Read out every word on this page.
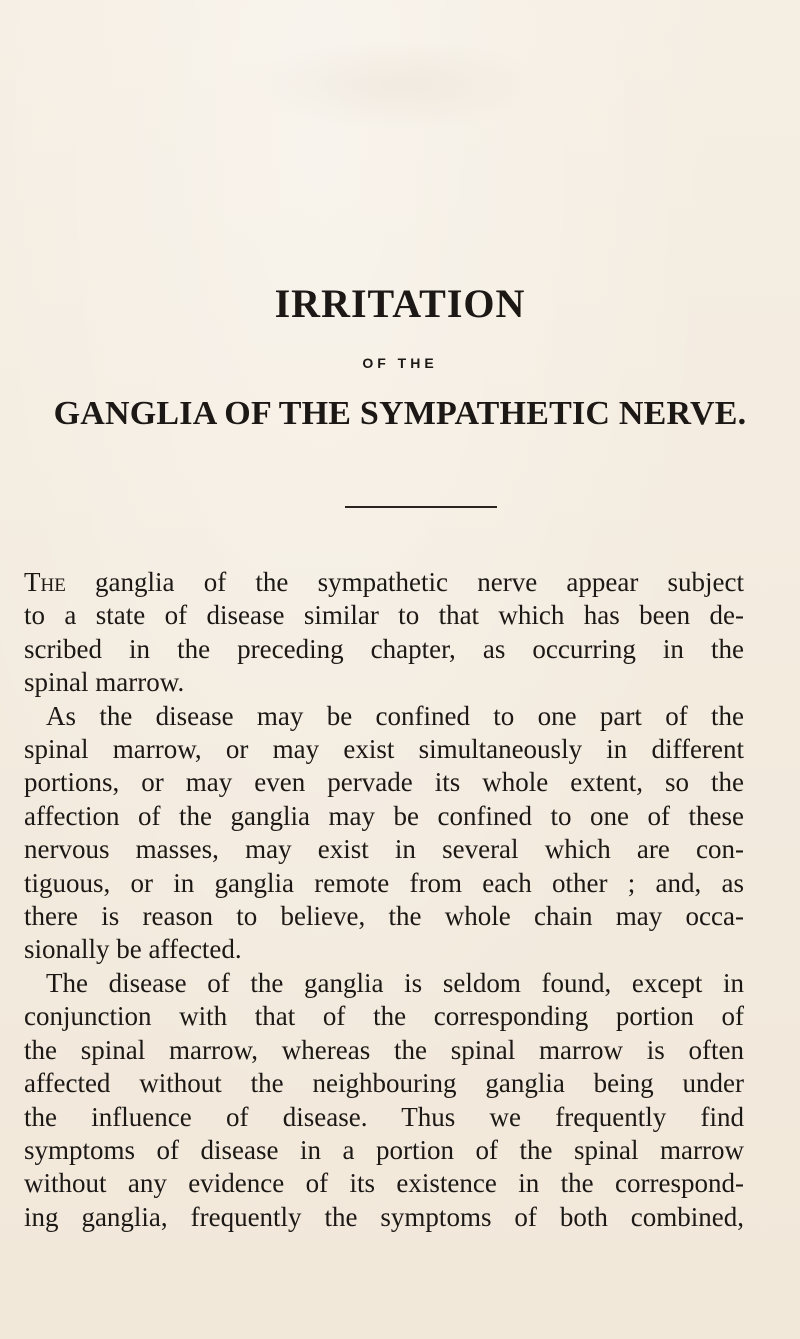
IRRITATION
OF THE
GANGLIA OF THE SYMPATHETIC NERVE.
The ganglia of the sympathetic nerve appear subject
to a state of disease similar to that which has been de-
scribed in the preceding chapter, as occurring in the
spinal marrow.
As the disease may be confined to one part of the
spinal marrow, or may exist simultaneously in different
portions, or may even pervade its whole extent, so the
affection of the ganglia may be confined to one of these
nervous masses, may exist in several which are con-
tiguous, or in ganglia remote from each other ; and, as
there is reason to believe, the whole chain may occa-
sionally be affected.
The disease of the ganglia is seldom found, except in
conjunction with that of the corresponding portion of
the spinal marrow, whereas the spinal marrow is often
affected without the neighbouring ganglia being under
the influence of disease. Thus we frequently find
symptoms of disease in a portion of the spinal marrow
without any evidence of its existence in the correspond-
ing ganglia, frequently the symptoms of both combined,
